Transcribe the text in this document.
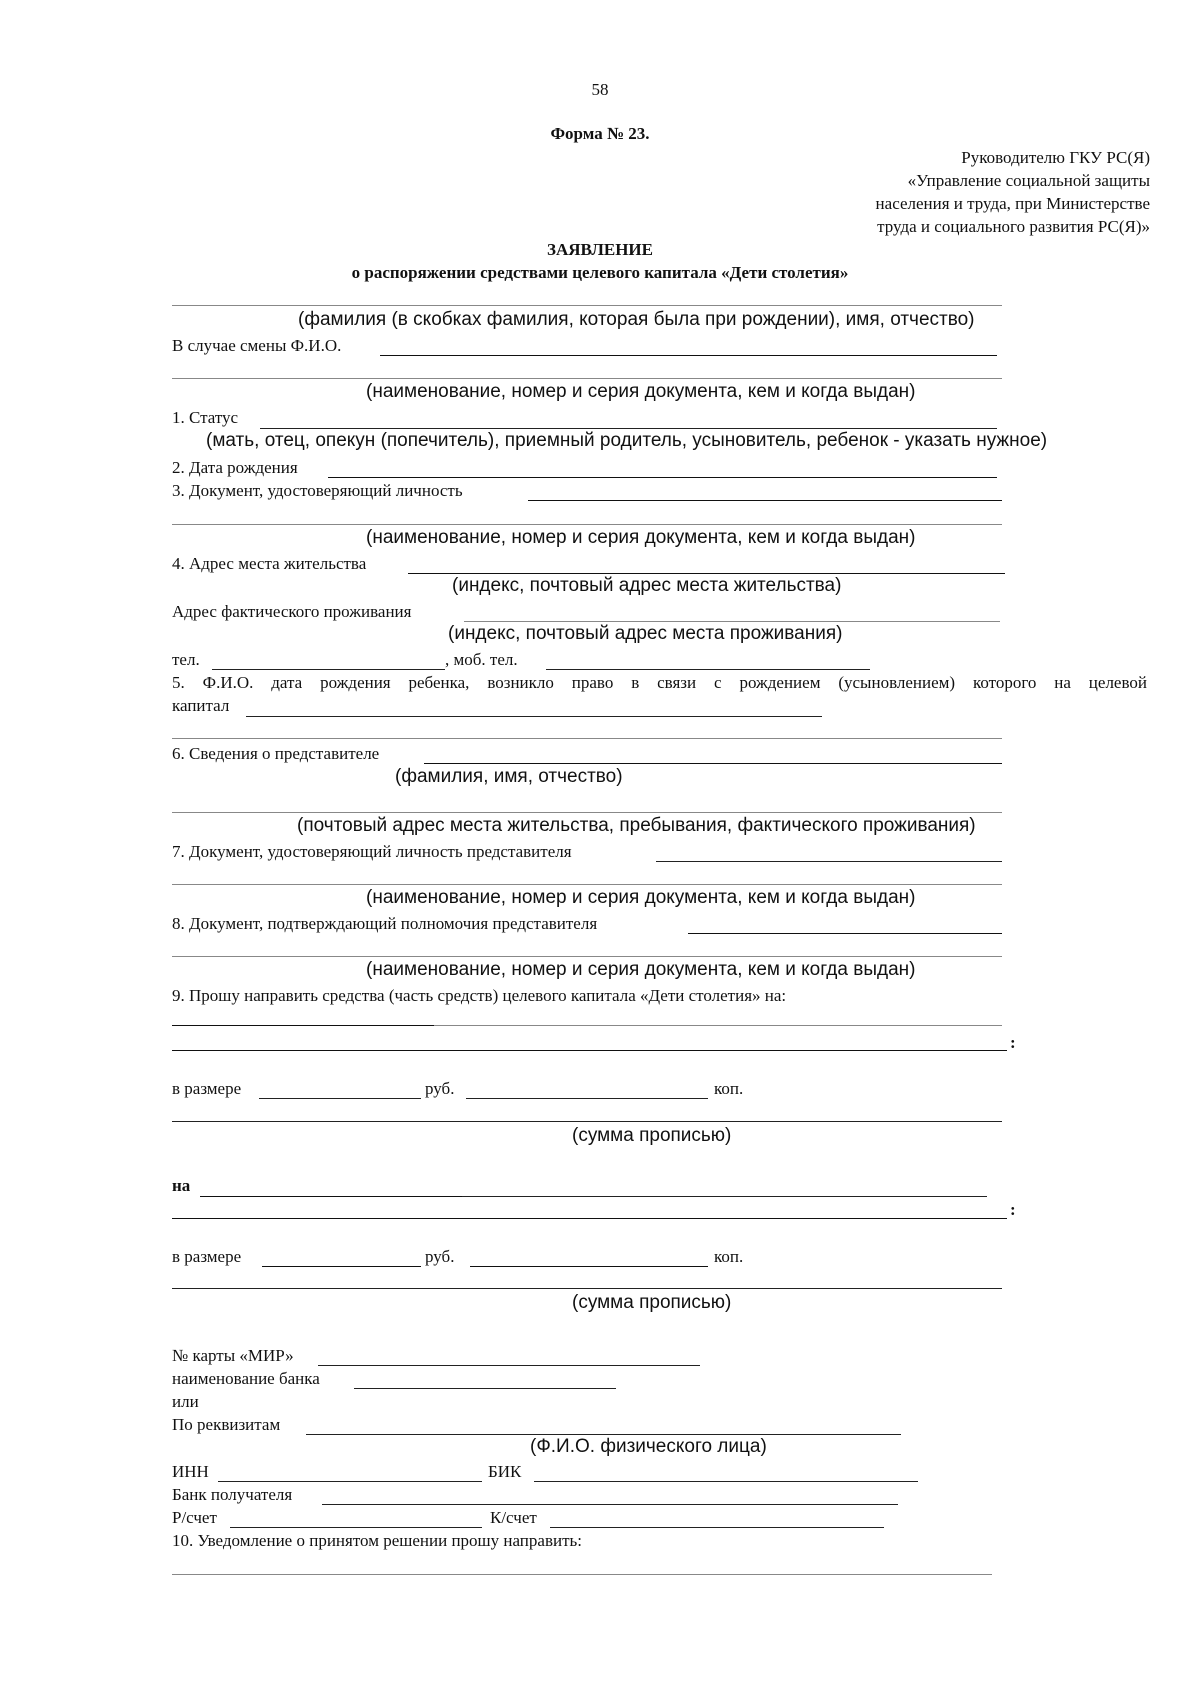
58
Форма № 23.
Руководителю ГКУ РС(Я)
«Управление социальной защиты
населения и труда, при Министерстве
труда и социального развития РС(Я)»
ЗАЯВЛЕНИЕ
о распоряжении средствами целевого капитала «Дети столетия»
(фамилия (в скобках фамилия, которая была при рождении), имя, отчество)
В случае смены Ф.И.О.
(наименование, номер и серия документа, кем и когда выдан)
1. Статус
(мать, отец, опекун (попечитель), приемный родитель, усыновитель, ребенок - указать нужное)
2. Дата рождения
3. Документ, удостоверяющий личность
(наименование, номер и серия документа, кем и когда выдан)
4. Адрес места жительства
(индекс, почтовый адрес места жительства)
Адрес фактического проживания
(индекс, почтовый адрес места проживания)
тел.	, моб. тел.
5. Ф.И.О. дата рождения ребенка, возникло право в связи с рождением (усыновлением) которого на целевой
капитал
6. Сведения о представителе
(фамилия, имя, отчество)
(почтовый адрес места жительства, пребывания, фактического проживания)
7. Документ, удостоверяющий личность представителя
(наименование, номер и серия документа, кем и когда выдан)
8. Документ, подтверждающий полномочия представителя
(наименование, номер и серия документа, кем и когда выдан)
9. Прошу направить средства (часть средств) целевого капитала «Дети столетия» на:
:
в размере	руб.	коп.
(сумма прописью)
на
:
в размере	руб.	коп.
(сумма прописью)
№ карты «МИР»
наименование банка
или
По реквизитам
(Ф.И.О. физического лица)
ИНН	БИК
Банк получателя
Р/счет	К/счет
10. Уведомление о принятом решении прошу направить:
